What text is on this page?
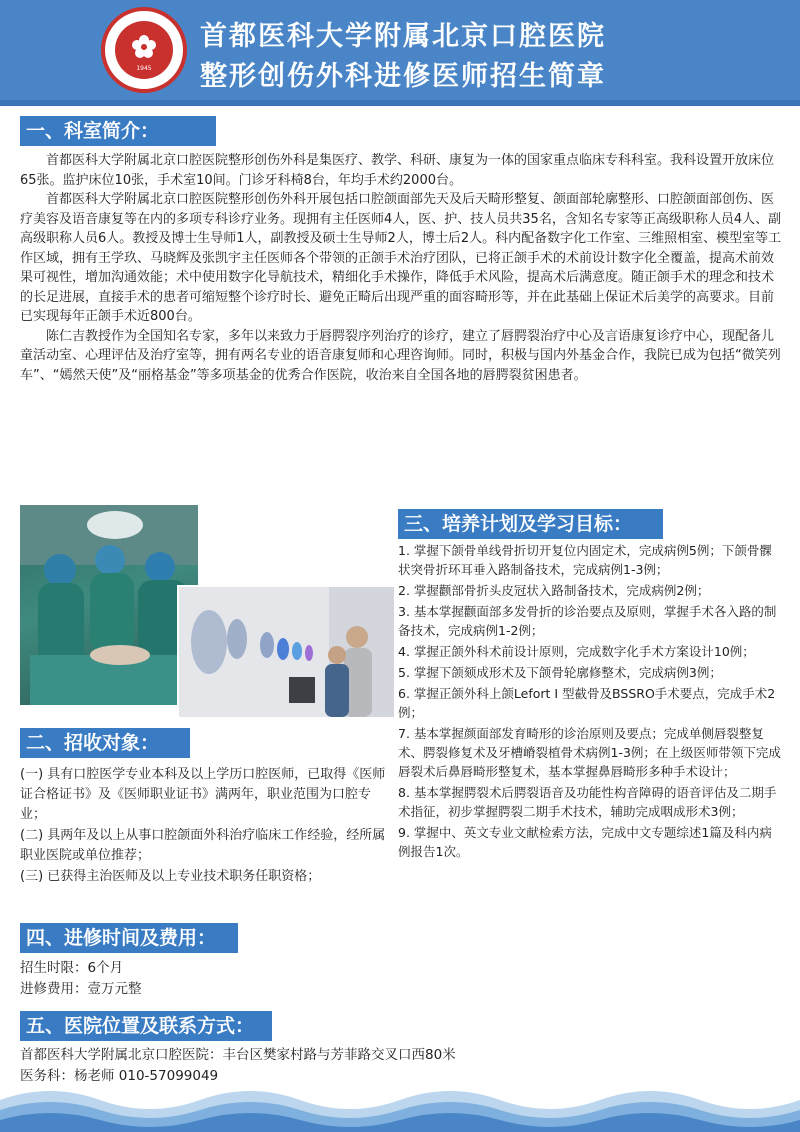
1945
首都医科大学附属北京口腔医院
整形创伤外科进修医师招生简章
一、科室简介：

首都医科大学附属北京口腔医院整形创伤外科是集医疗、教学、科研、康复为一体的国家重点临床专科科室。我科设置开放床位65张。监护床位10张，手术室10间。门诊牙科椅8台，年均手术约2000台。

首都医科大学附属北京口腔医院整形创伤外科开展包括口腔颌面部先天及后天畸形整复、颌面部轮廓整形、口腔颌面部创伤、医疗美容及语音康复等在内的多项专科诊疗业务。现拥有主任医师4人，医、护、技人员共35名，含知名专家等正高级职称人员4人、副高级职称人员6人。教授及博士生导师1人，副教授及硕士生导师2人，博士后2人。科内配备数字化工作室、三维照相室、模型室等工作区域，拥有王学玖、马晓辉及张凯宇主任医师各个带领的正颌手术治疗团队，已将正颌手术的术前设计数字化全覆盖，提高术前效果可视性，增加沟通效能；术中使用数字化导航技术，精细化手术操作，降低手术风险，提高术后满意度。随正颌手术的理念和技术的长足进展，直接手术的患者可缩短整个诊疗时长、避免正畸后出现严重的面容畸形等，并在此基础上保证术后美学的高要求。目前已实现每年正颌手术近800台。

陈仁吉教授作为全国知名专家，多年以来致力于唇腭裂序列治疗的诊疗，建立了唇腭裂治疗中心及言语康复诊疗中心，现配备儿童活动室、心理评估及治疗室等，拥有两名专业的语音康复师和心理咨询师。同时，积极与国内外基金合作，我院已成为包括“微笑列车”、“嫣然天使”及“丽格基金”等多项基金的优秀合作医院，收治来自全国各地的唇腭裂贫困患者。

二、招收对象：
(一) 具有口腔医学专业本科及以上学历口腔医师，已取得《医师证合格证书》及《医师职业证书》满两年，职业范围为口腔专业；
(二) 具两年及以上从事口腔颌面外科治疗临床工作经验，经所属职业医院或单位推荐；
(三) 已获得主治医师及以上专业技术职务任职资格；
三、培养计划及学习目标：
1. 掌握下颌骨单线骨折切开复位内固定术，完成病例5例；下颌骨髁状突骨折环耳垂入路制备技术，完成病例1-3例；
2. 掌握颧部骨折头皮冠状入路制备技术，完成病例2例；
3. 基本掌握颧面部多发骨折的诊治要点及原则，掌握手术各入路的制备技术，完成病例1-2例；
4. 掌握正颌外科术前设计原则，完成数字化手术方案设计10例；
5. 掌握下颌颏成形术及下颌骨轮廓修整术，完成病例3例；
6. 掌握正颌外科上颌Lefort Ⅰ 型截骨及BSSRO手术要点，完成手术2例；
7. 基本掌握颜面部发育畸形的诊治原则及要点；完成单侧唇裂整复术、腭裂修复术及牙槽嵴裂植骨术病例1-3例；在上级医师带领下完成唇裂术后鼻唇畸形整复术，基本掌握鼻唇畸形多种手术设计；
8. 基本掌握腭裂术后腭裂语音及功能性构音障碍的语音评估及二期手术指征，初步掌握腭裂二期手术技术，辅助完成咽成形术3例；
9. 掌握中、英文专业文献检索方法，完成中文专题综述1篇及科内病例报告1次。
四、进修时间及费用：
招生时限：6个月
进修费用：壹万元整
五、医院位置及联系方式：
首都医科大学附属北京口腔医院：丰台区樊家村路与芳菲路交叉口西80米
医务科：杨老师 010-57099049
